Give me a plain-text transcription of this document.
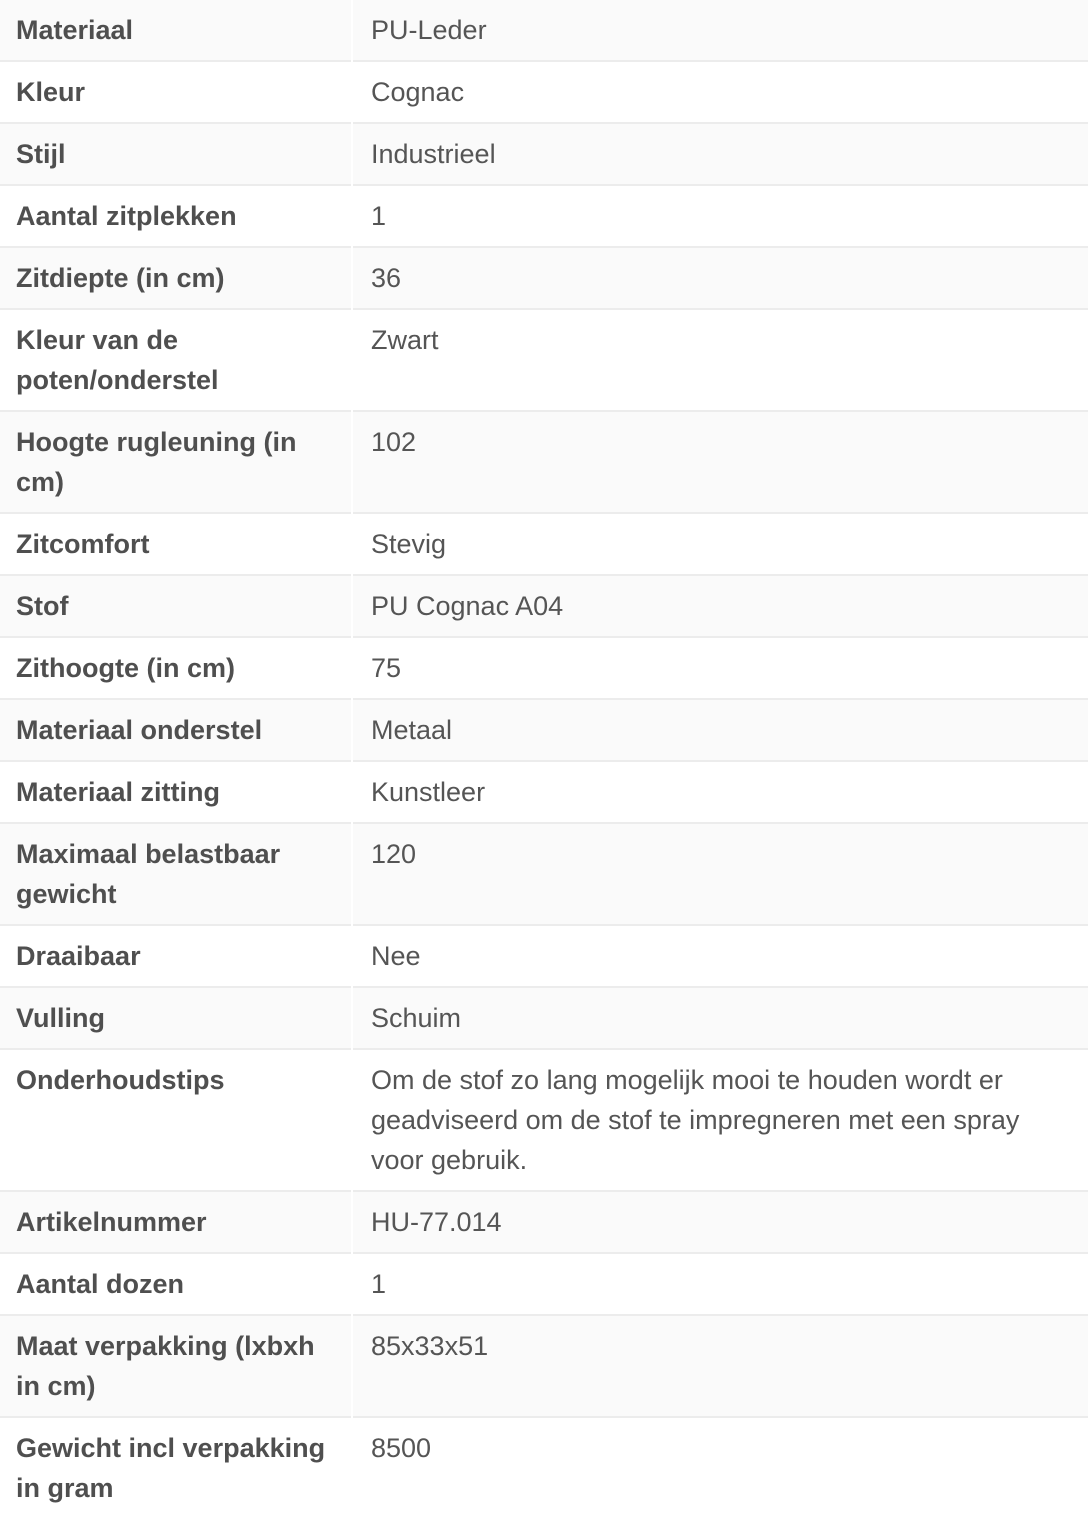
Materiaal	PU-Leder
Kleur	Cognac
Stijl	Industrieel
Aantal zitplekken	1
Zitdiepte (in cm)	36
Kleur van de poten/onderstel	Zwart
Hoogte rugleuning (in cm)	102
Zitcomfort	Stevig
Stof	PU Cognac A04
Zithoogte (in cm)	75
Materiaal onderstel	Metaal
Materiaal zitting	Kunstleer
Maximaal belastbaar gewicht	120
Draaibaar	Nee
Vulling	Schuim
Onderhoudstips	Om de stof zo lang mogelijk mooi te houden wordt er geadviseerd om de stof te impregneren met een spray voor gebruik.
Artikelnummer	HU-77.014
Aantal dozen	1
Maat verpakking (lxbxh in cm)	85x33x51
Gewicht incl verpakking in gram	8500
